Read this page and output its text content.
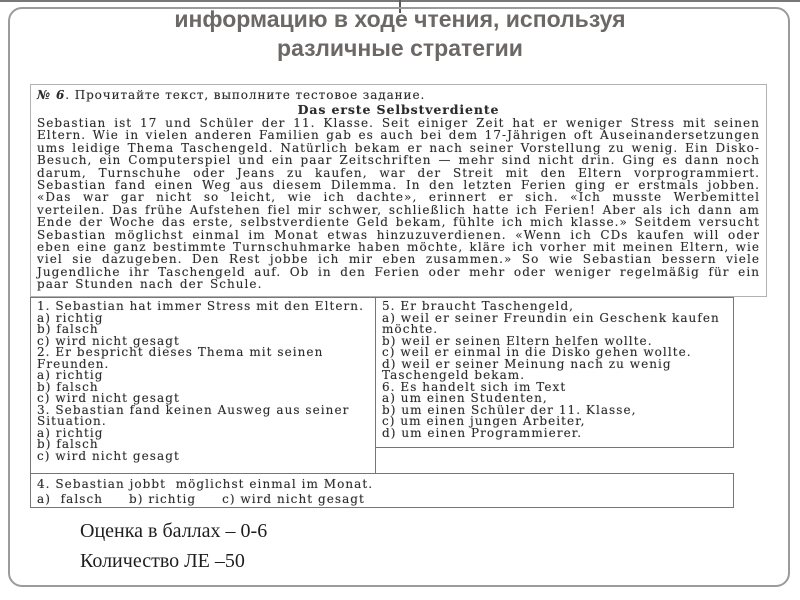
информацию в ходе чтения, используя
различные стратегии
№ 6. Прочитайте текст, выполните тестовое задание.
Das erste Selbstverdiente

Sebastian ist 17 und Schüler der 11. Klasse. Seit einiger Zeit hat er weniger Stress mit seinen Eltern. Wie in vielen anderen Familien gab es auch bei dem 17-Jährigen oft Auseinandersetzungen ums leidige Thema Taschengeld. Natürlich bekam er nach seiner Vorstellung zu wenig. Ein Disko-Besuch, ein Computerspiel und ein paar Zeitschriften — mehr sind nicht drin. Ging es dann noch darum, Turnschuhe oder Jeans zu kaufen, war der Streit mit den Eltern vorprogrammiert. Sebastian fand einen Weg aus diesem Dilemma. In den letzten Ferien ging er erstmals jobben. «Das war gar nicht so leicht, wie ich dachte», erinnert er sich. «Ich musste Werbemittel verteilen. Das frühe Aufstehen fiel mir schwer, schließlich hatte ich Ferien! Aber als ich dann am Ende der Woche das erste, selbstverdiente Geld bekam, fühlte ich mich klasse.» Seitdem versucht Sebastian möglichst einmal im Monat etwas hinzuzuverdienen. «Wenn ich CDs kaufen will oder eben eine ganz bestimmte Turnschuhmarke haben möchte, kläre ich vorher mit meinen Eltern, wie viel sie dazugeben. Den Rest jobbe ich mir eben zusammen.» So wie Sebastian bessern viele Jugendliche ihr Taschengeld auf. Ob in den Ferien oder mehr oder weniger regelmäßig für ein paar Stunden nach der Schule.

1. Sebastian hat immer Stress mit den Eltern.
a) richtig
b) falsch
c) wird nicht gesagt
2. Er bespricht dieses Thema mit seinen Freunden.
a) richtig
b) falsch
c) wird nicht gesagt
3. Sebastian fand keinen Ausweg aus seiner Situation.
a) richtig
b) falsch
c) wird nicht gesagt
5. Er braucht Taschengeld,
a) weil er seiner Freundin ein Geschenk kaufen möchte.
b) weil er seinen Eltern helfen wollte.
c) weil er einmal in die Disko gehen wollte.
d) weil er seiner Meinung nach zu wenig Taschengeld bekam.
6. Es handelt sich im Text
a) um einen Studenten,
b) um einen Schüler der 11. Klasse,
c) um einen jungen Arbeiter,
d) um einen Programmierer.
4. Sebastian jobbt  möglichst einmal im Monat.
a)  falsch b) richtig c) wird nicht gesagt
Оценка в баллах – 0-6
Количество ЛЕ –50
